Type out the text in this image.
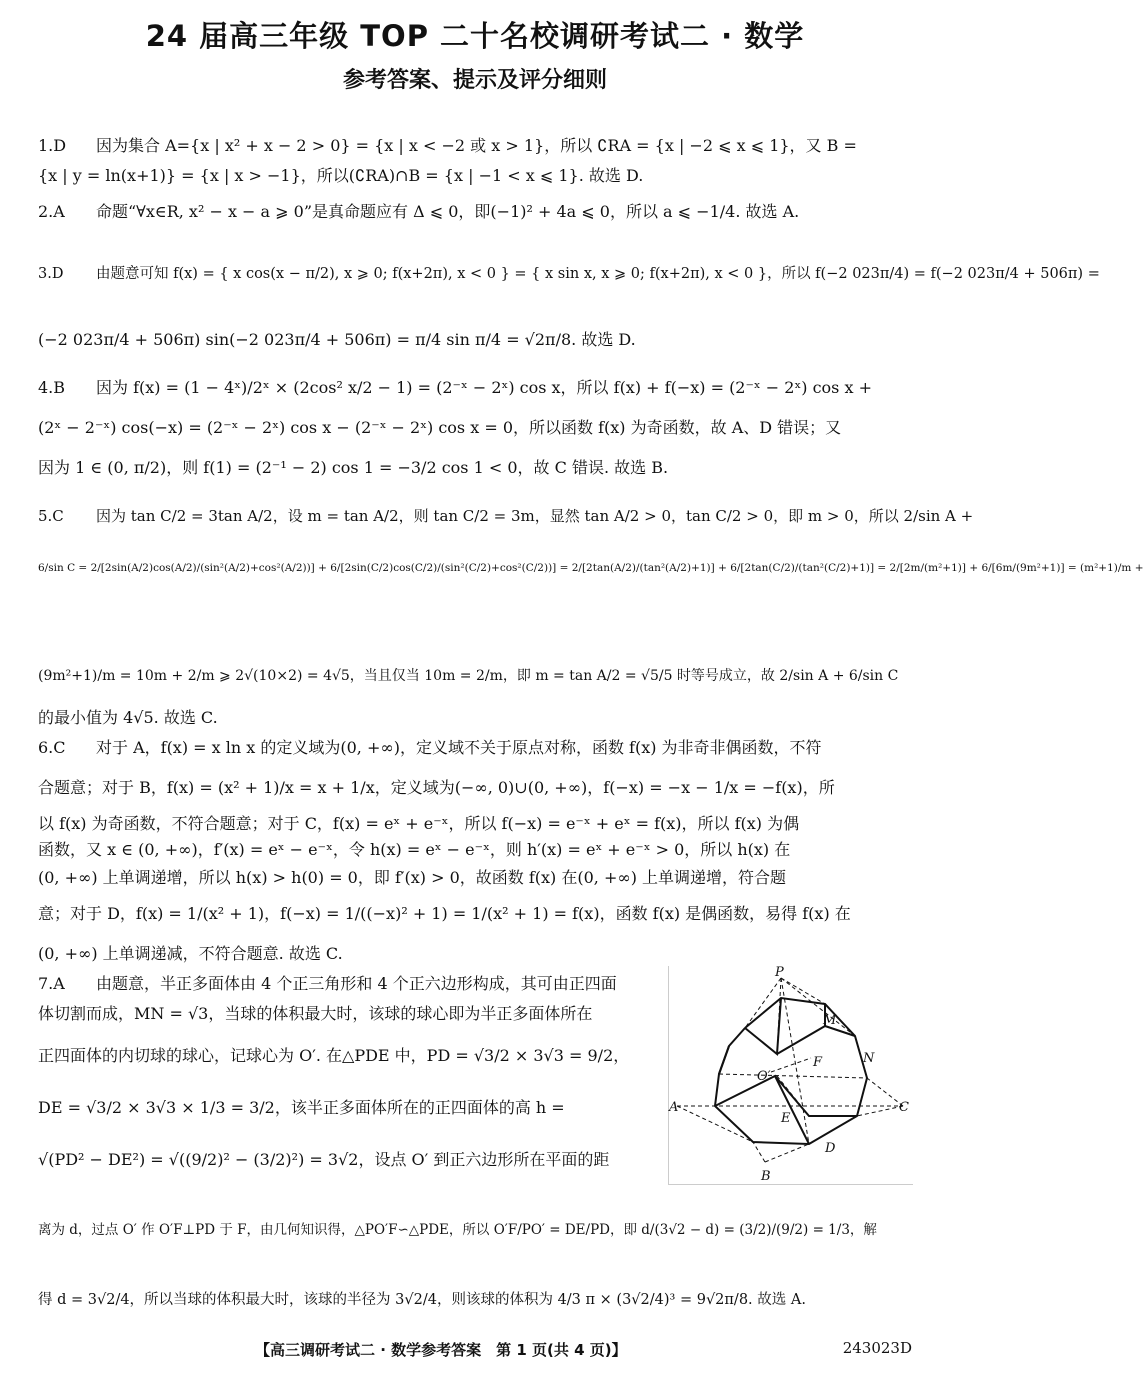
24 届高三年级 TOP 二十名校调研考试二 · 数学
参考答案、提示及评分细则
1.D 因为集合 A={x | x² + x − 2 > 0} = {x | x < −2 或 x > 1}，所以 ∁RA = {x | −2 ⩽ x ⩽ 1}，又 B =
{x | y = ln(x+1)} = {x | x > −1}，所以(∁RA)∩B = {x | −1 < x ⩽ 1}. 故选 D.
2.A 命题“∀x∈R, x² − x − a ⩾ 0”是真命题应有 Δ ⩽ 0，即(−1)² + 4a ⩽ 0，所以 a ⩽ −1/4. 故选 A.
3.D 由题意可知 f(x) = { x cos(x − π/2), x ⩾ 0; f(x+2π), x < 0 } = { x sin x, x ⩾ 0; f(x+2π), x < 0 }，所以 f(−2 023π/4) = f(−2 023π/4 + 506π) =
(−2 023π/4 + 506π) sin(−2 023π/4 + 506π) = π/4 sin π/4 = √2π/8. 故选 D.
4.B 因为 f(x) = (1 − 4ˣ)/2ˣ × (2cos² x/2 − 1) = (2⁻ˣ − 2ˣ) cos x，所以 f(x) + f(−x) = (2⁻ˣ − 2ˣ) cos x +
(2ˣ − 2⁻ˣ) cos(−x) = (2⁻ˣ − 2ˣ) cos x − (2⁻ˣ − 2ˣ) cos x = 0，所以函数 f(x) 为奇函数，故 A、D 错误；又
因为 1 ∈ (0, π/2)，则 f(1) = (2⁻¹ − 2) cos 1 = −3/2 cos 1 < 0，故 C 错误. 故选 B.
5.C 因为 tan C/2 = 3tan A/2，设 m = tan A/2，则 tan C/2 = 3m，显然 tan A/2 > 0，tan C/2 > 0，即 m > 0，所以 2/sin A +
6/sin C = 2/[2sin(A/2)cos(A/2)/(sin²(A/2)+cos²(A/2))] + 6/[2sin(C/2)cos(C/2)/(sin²(C/2)+cos²(C/2))] = 2/[2tan(A/2)/(tan²(A/2)+1)] + 6/[2tan(C/2)/(tan²(C/2)+1)] = 2/[2m/(m²+1)] + 6/[6m/(9m²+1)] = (m²+1)/m +
(9m²+1)/m = 10m + 2/m ⩾ 2√(10×2) = 4√5，当且仅当 10m = 2/m，即 m = tan A/2 = √5/5 时等号成立，故 2/sin A + 6/sin C
的最小值为 4√5. 故选 C.
6.C 对于 A，f(x) = x ln x 的定义域为(0, +∞)，定义域不关于原点对称，函数 f(x) 为非奇非偶函数，不符
合题意；对于 B，f(x) = (x² + 1)/x = x + 1/x，定义域为(−∞, 0)∪(0, +∞)，f(−x) = −x − 1/x = −f(x)，所
以 f(x) 为奇函数，不符合题意；对于 C，f(x) = eˣ + e⁻ˣ，所以 f(−x) = e⁻ˣ + eˣ = f(x)，所以 f(x) 为偶
函数，又 x ∈ (0, +∞)，f′(x) = eˣ − e⁻ˣ，令 h(x) = eˣ − e⁻ˣ，则 h′(x) = eˣ + e⁻ˣ > 0，所以 h(x) 在
(0, +∞) 上单调递增，所以 h(x) > h(0) = 0，即 f′(x) > 0，故函数 f(x) 在(0, +∞) 上单调递增，符合题
意；对于 D，f(x) = 1/(x² + 1)，f(−x) = 1/((−x)² + 1) = 1/(x² + 1) = f(x)，函数 f(x) 是偶函数，易得 f(x) 在
(0, +∞) 上单调递减，不符合题意. 故选 C.
7.A 由题意，半正多面体由 4 个正三角形和 4 个正六边形构成，其可由正四面
体切割而成，MN = √3，当球的体积最大时，该球的球心即为半正多面体所在
正四面体的内切球的球心，记球心为 O′. 在△PDE 中，PD = √3/2 × 3√3 = 9/2，
DE = √3/2 × 3√3 × 1/3 = 3/2，该半正多面体所在的正四面体的高 h =
√(PD² − DE²) = √((9/2)² − (3/2)²) = 3√2，设点 O′ 到正六边形所在平面的距
离为 d，过点 O′ 作 O′F⊥PD 于 F，由几何知识得，△PO′F∽△PDE，所以 O′F/PO′ = DE/PD，即 d/(3√2 − d) = (3/2)/(9/2) = 1/3，解
得 d = 3√2/4，所以当球的体积最大时，该球的半径为 3√2/4，则该球的体积为 4/3 π × (3√2/4)³ = 9√2π/8. 故选 A.
P
M
N
F
O′
A	C
E
D
B
【高三调研考试二 · 数学参考答案　第 1 页(共 4 页)】	243023D
